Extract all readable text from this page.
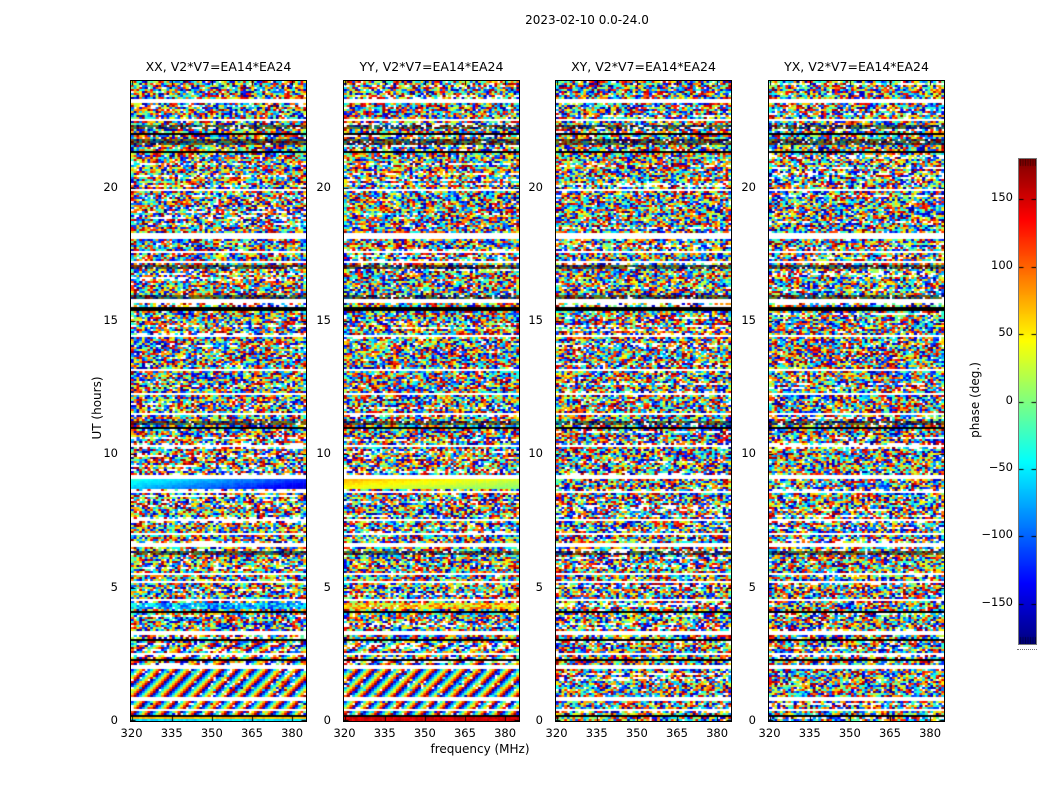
2023-02-10 0.0-24.0
XX, V2*V7=EA14*EA24
320 335 350 365 380
0
5
10
15
20
YY, V2*V7=EA14*EA24
320 335 350 365 380
0
5
10
15
20
XY, V2*V7=EA14*EA24
320 335 350 365 380
0
5
10
15
20
YX, V2*V7=EA14*EA24
320 335 350 365 380
0
5
10
15
20
frequency (MHz)
UT (hours)
150
100
50
0
−50
−100
−150
phase (deg.)
